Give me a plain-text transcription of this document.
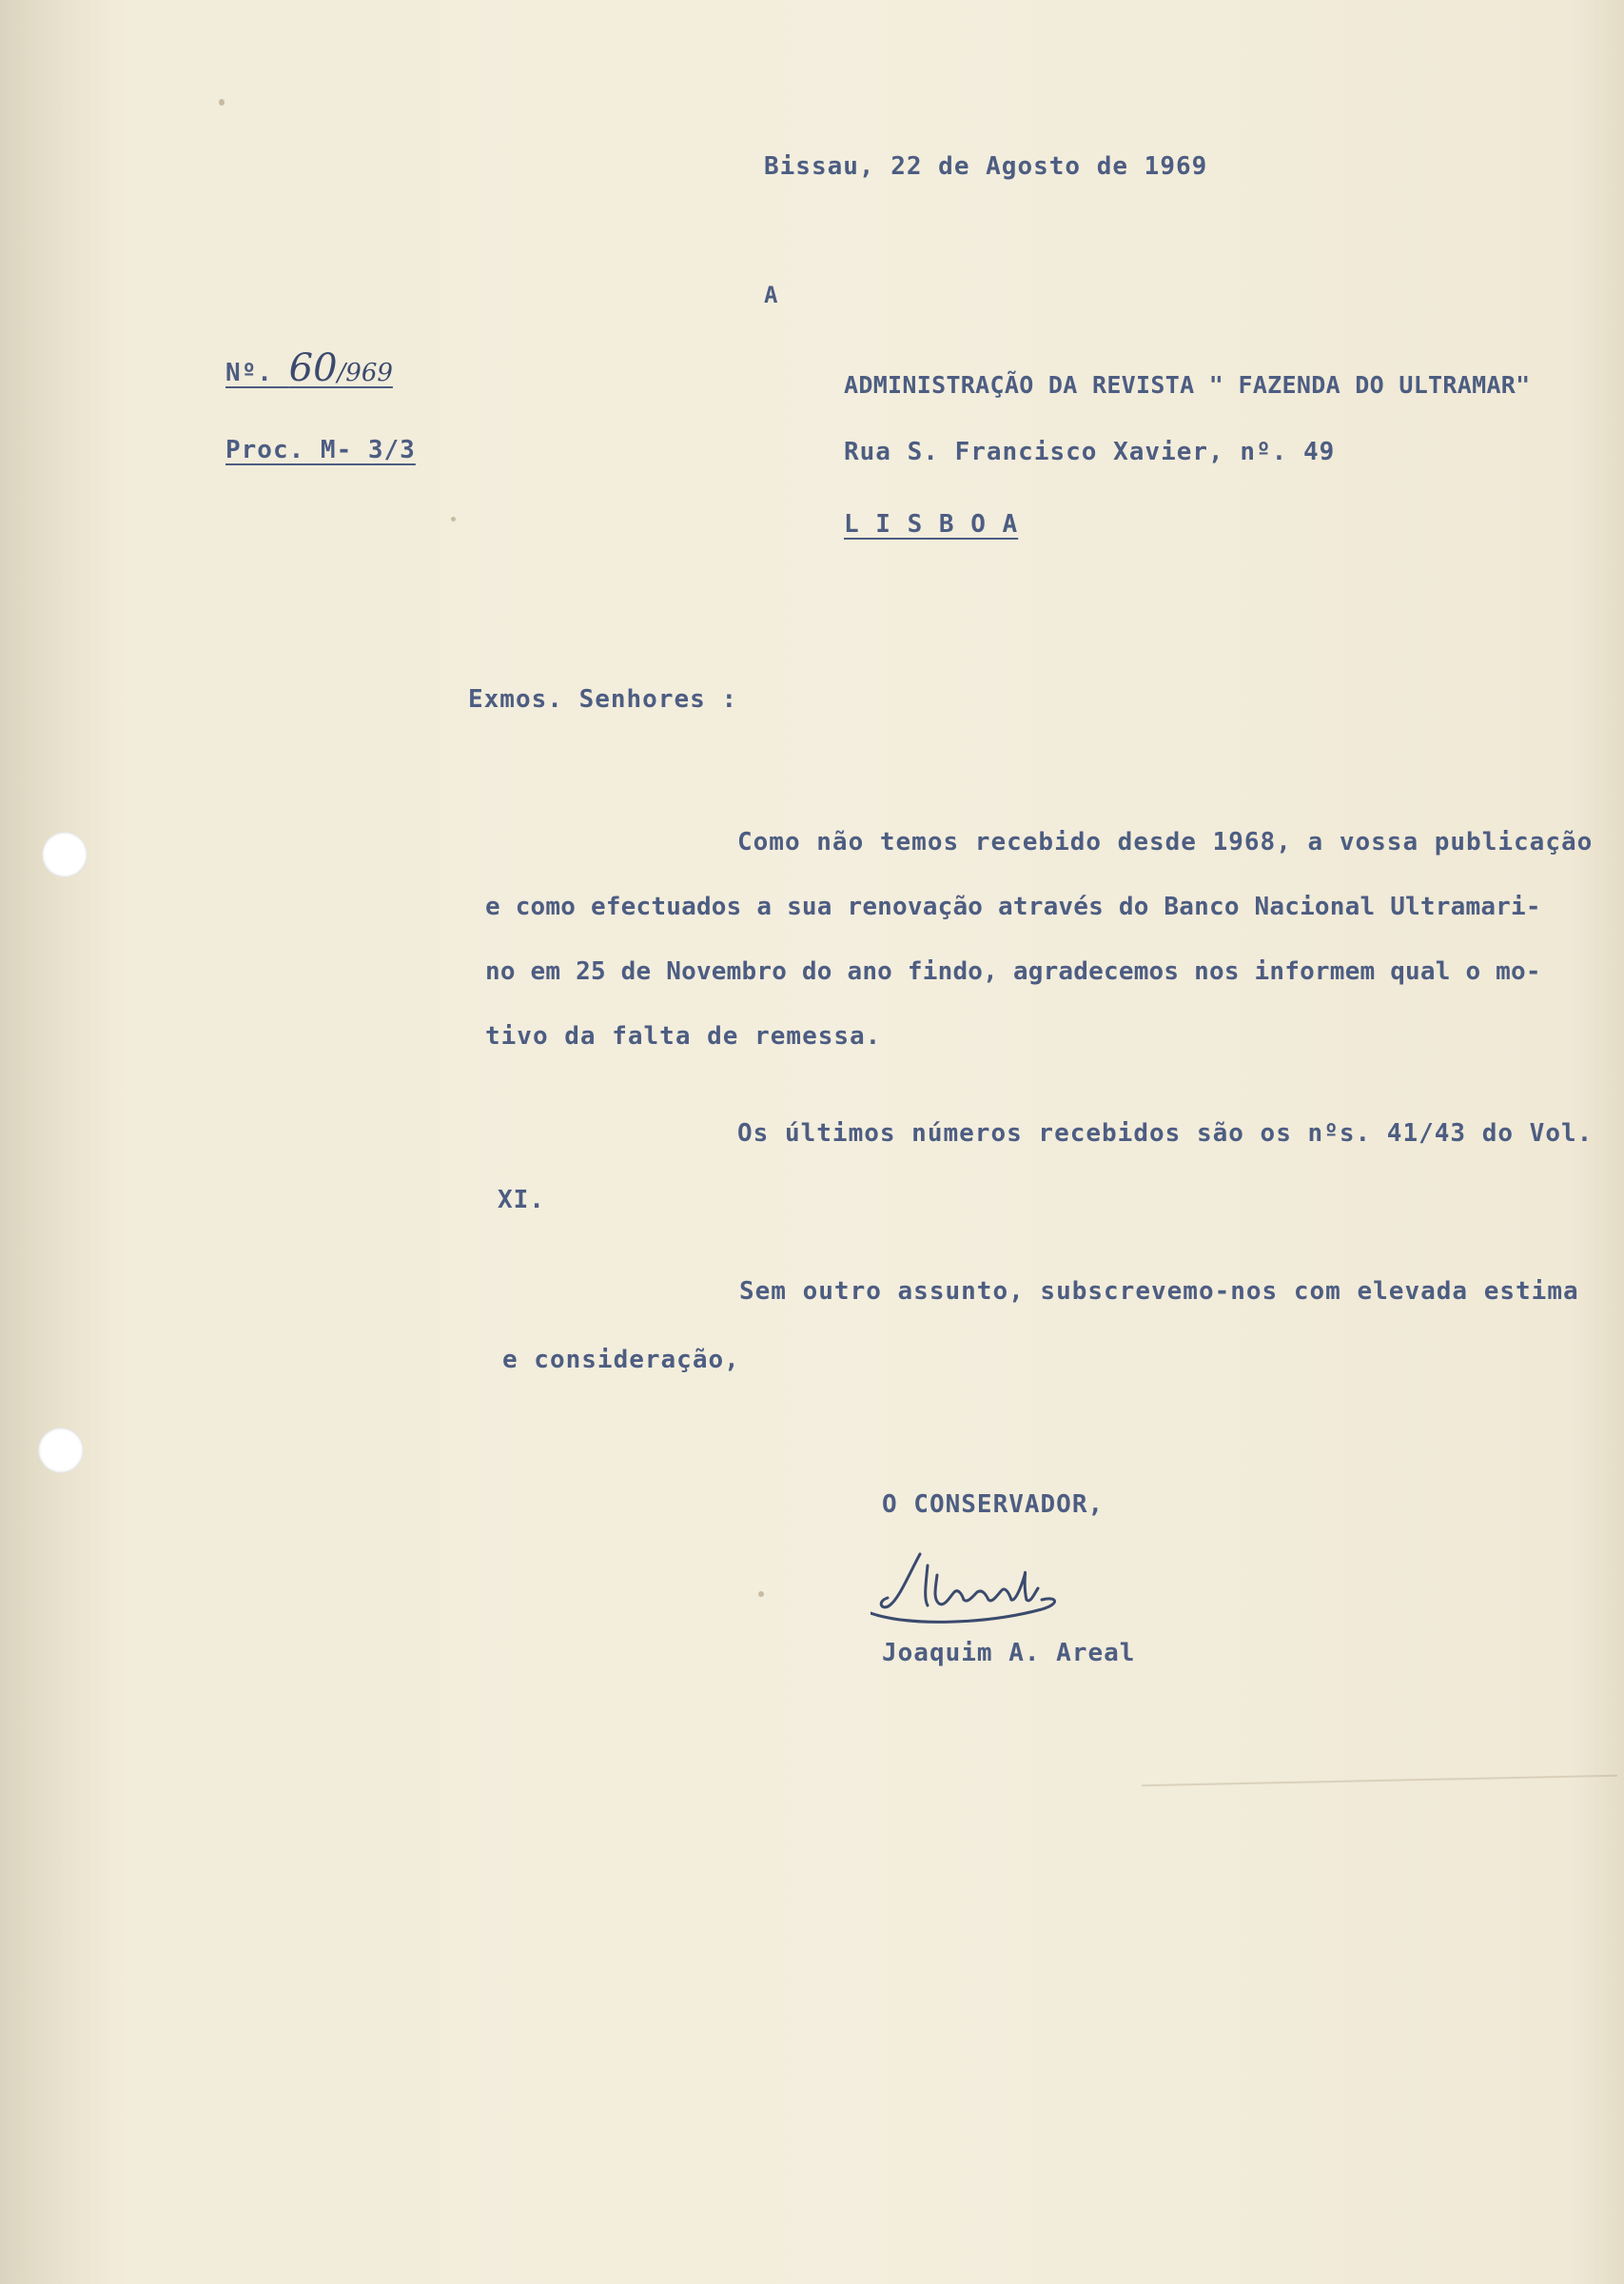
Bissau, 22 de Agosto de 1969
A
Nº. 60/969
Proc. M- 3/3
ADMINISTRAÇÃO DA REVISTA " FAZENDA DO ULTRAMAR"
Rua S. Francisco Xavier, nº. 49
L I S B O A
Exmos. Senhores :
Como não temos recebido desde 1968, a vossa publicação
e como efectuados a sua renovação através do Banco Nacional Ultramari-
no em 25 de Novembro do ano findo, agradecemos nos informem qual o mo-
tivo da falta de remessa.
Os últimos números recebidos são os nºs. 41/43 do Vol.
XI.
Sem outro assunto, subscrevemo-nos com elevada estima
e consideração,
O CONSERVADOR,
Joaquim A. Areal
